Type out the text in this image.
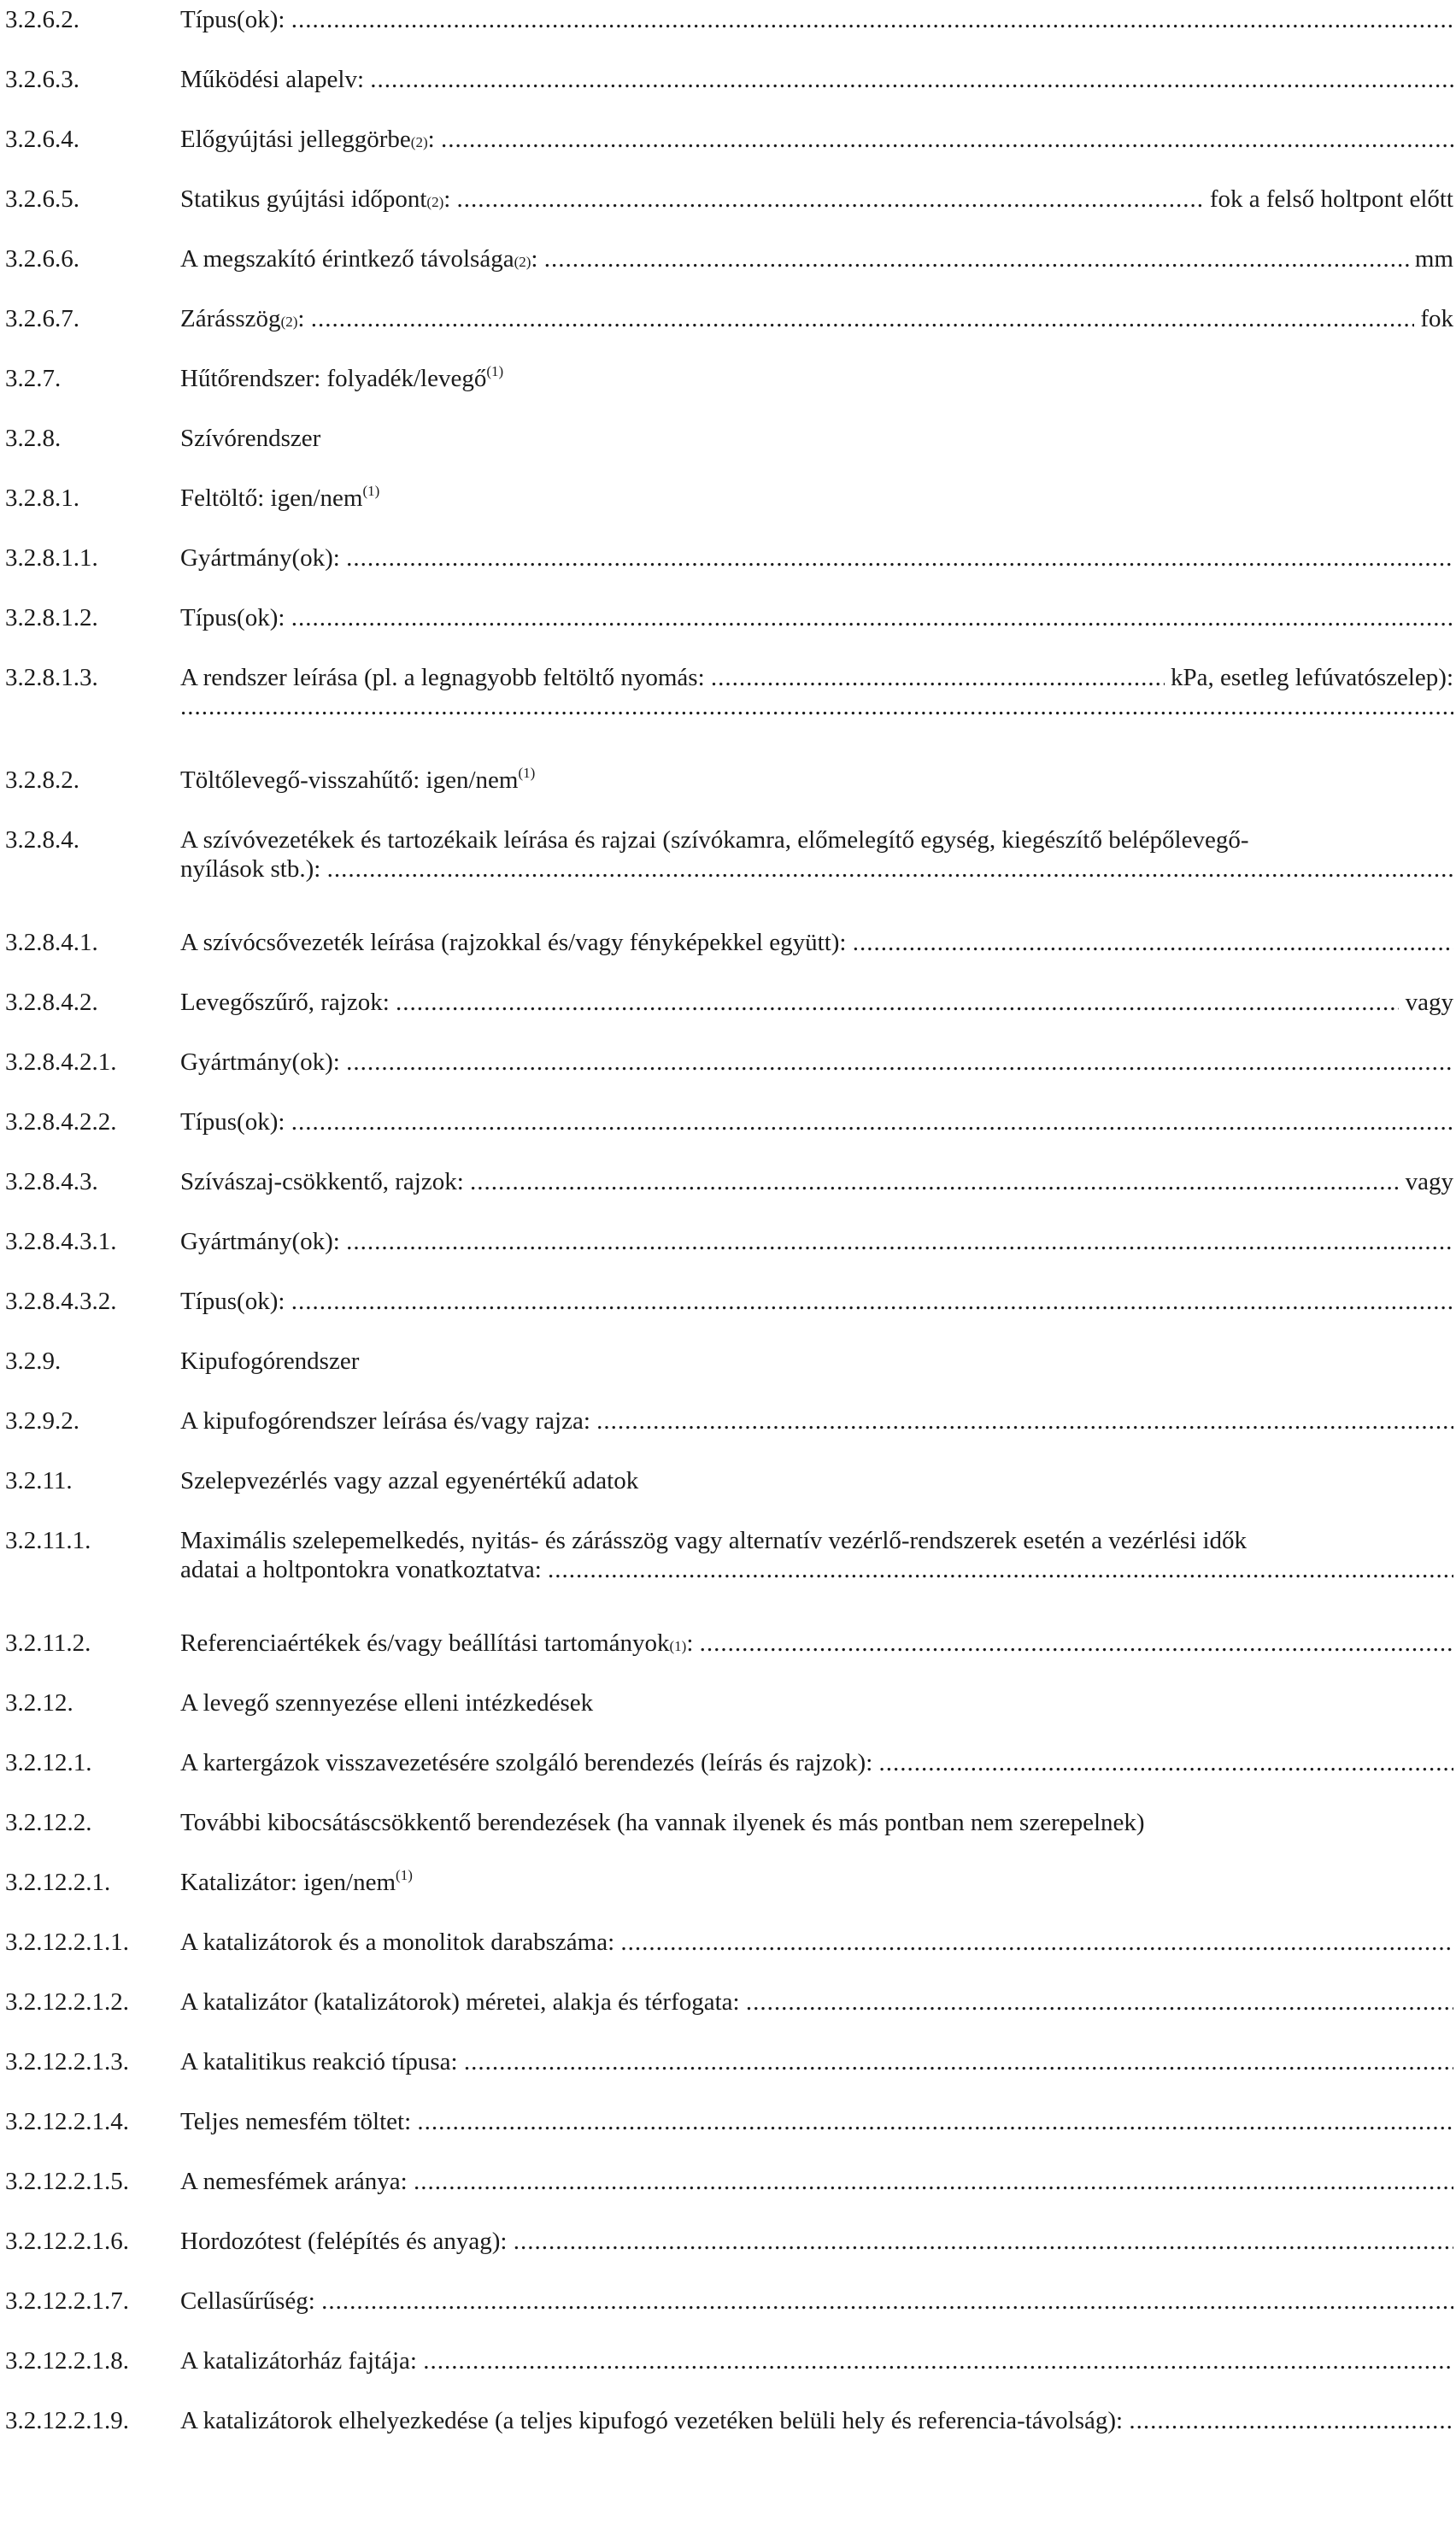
3.2.6.2.	Típus(ok):
.....
3.2.6.3.	Működési alapelv:
.....
3.2.6.4.	Előgyújtási jelleggörbe (2) :
.....
3.2.6.5.	Statikus gyújtási időpont (2) : .....	fok a felső holtpont előtt
3.2.6.6.	A megszakító érintkező távolsága (2) : .....	mm
3.2.6.7.	Zárásszög (2) : .....	fok
3.2.7.	Hűtőrendszer: folyadék/levegő$^{(1)}$
3.2.8.	Szívórendszer
3.2.8.1.	Feltöltő: igen/nem$^{(1)}$
3.2.8.1.1.	Gyártmány(ok):
.....
3.2.8.1.2.	Típus(ok):
.....
3.2.8.1.3.	A rendszer leírása (pl. a legnagyobb feltöltő nyomás: .....	kPa, esetleg lefúvatószelep):
.....
3.2.8.2.	Töltőlevegő-visszahűtő: igen/nem$^{(1)}$
3.2.8.4.	A szívóvezetékek és tartozékaik leírása és rajzai (szívókamra, előmelegítő egység, kiegészítő belépőlevegő-
nyílások stb.):
.....
3.2.8.4.1.	A szívócsővezeték leírása (rajzokkal és/vagy fényképekkel együtt):
.....
3.2.8.4.2.	Levegőszűrő, rajzok: .....	vagy
3.2.8.4.2.1.	Gyártmány(ok):
.....
3.2.8.4.2.2.	Típus(ok):
.....
3.2.8.4.3.	Szívászaj-csökkentő, rajzok: .....	vagy
3.2.8.4.3.1.	Gyártmány(ok):
.....
3.2.8.4.3.2.	Típus(ok):
.....
3.2.9.	Kipufogórendszer
3.2.9.2.	A kipufogórendszer leírása és/vagy rajza:
.....
3.2.11.	Szelepvezérlés vagy azzal egyenértékű adatok
3.2.11.1.	Maximális szelepemelkedés, nyitás- és zárásszög vagy alternatív vezérlő-rendszerek esetén a vezérlési idők
adatai a holtpontokra vonatkoztatva:
.....
3.2.11.2.	Referenciaértékek és/vagy beállítási tartományok (1) :
.....
3.2.12.	A levegő szennyezése elleni intézkedések
3.2.12.1.	A kartergázok visszavezetésére szolgáló berendezés (leírás és rajzok):
.....
3.2.12.2.	További kibocsátáscsökkentő berendezések (ha vannak ilyenek és más pontban nem szerepelnek)
3.2.12.2.1.	Katalizátor: igen/nem$^{(1)}$
3.2.12.2.1.1. A katalizátorok és a monolitok darabszáma:
.....
3.2.12.2.1.2. A katalizátor (katalizátorok) méretei, alakja és térfogata:
.....
3.2.12.2.1.3. A katalitikus reakció típusa:
.....
3.2.12.2.1.4. Teljes nemesfém töltet:
.....
3.2.12.2.1.5. A nemesfémek aránya:
.....
3.2.12.2.1.6. Hordozótest (felépítés és anyag):
.....
3.2.12.2.1.7. Cellasűrűség:
.....
3.2.12.2.1.8. A katalizátorház fajtája:
.....
3.2.12.2.1.9. A katalizátorok elhelyezkedése (a teljes kipufogó vezetéken belüli hely és referencia-távolság):
.....
